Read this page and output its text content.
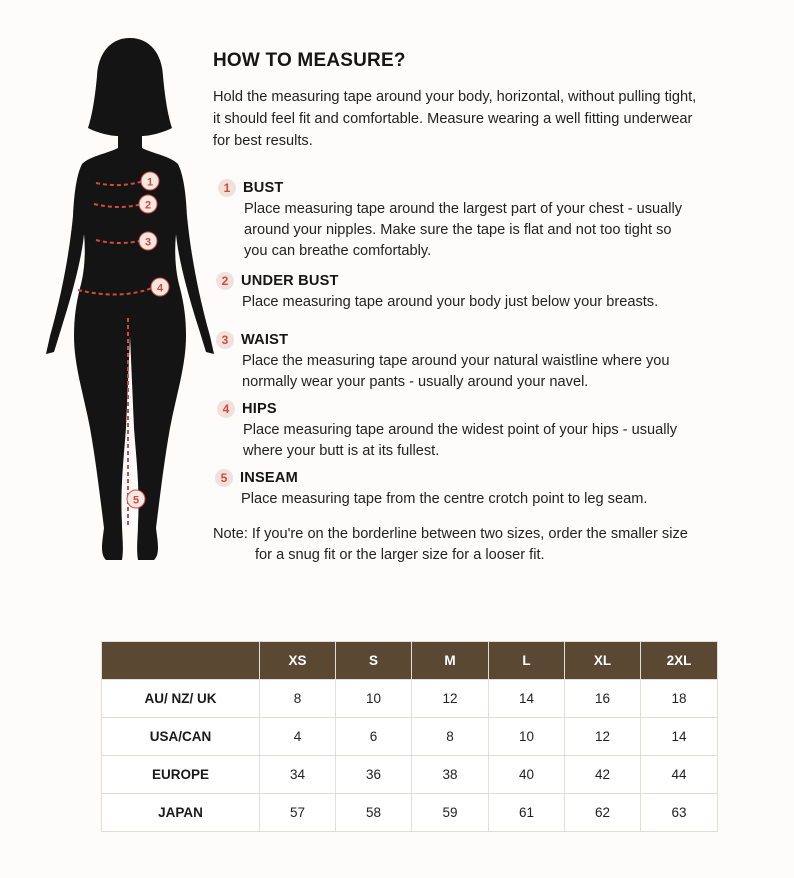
1
2
3
4
5
HOW TO MEASURE?
Hold the measuring tape around your body, horizontal, without pulling tight,
it should feel fit and comfortable. Measure wearing a well fitting underwear
for best results.
1 BUST
Place measuring tape around the largest part of your chest - usually
around your nipples. Make sure the tape is flat and not too tight so
you can breathe comfortably.
2 UNDER BUST
Place measuring tape around your body just below your breasts.
3 WAIST
Place the measuring tape around your natural waistline where you
normally wear your pants - usually around your navel.
4 HIPS
Place measuring tape around the widest point of your hips - usually
where your butt is at its fullest.
5 INSEAM
Place measuring tape from the centre crotch point to leg seam.
Note: If you're on the borderline between two sizes, order the smaller size
for a snug fit or the larger size for a looser fit.
	XS	S	M	L	XL	2XL
AU/ NZ/ UK	8	10	12	14	16	18
USA/CAN	4	6	8	10	12	14
EUROPE	34	36	38	40	42	44
JAPAN	57	58	59	61	62	63
